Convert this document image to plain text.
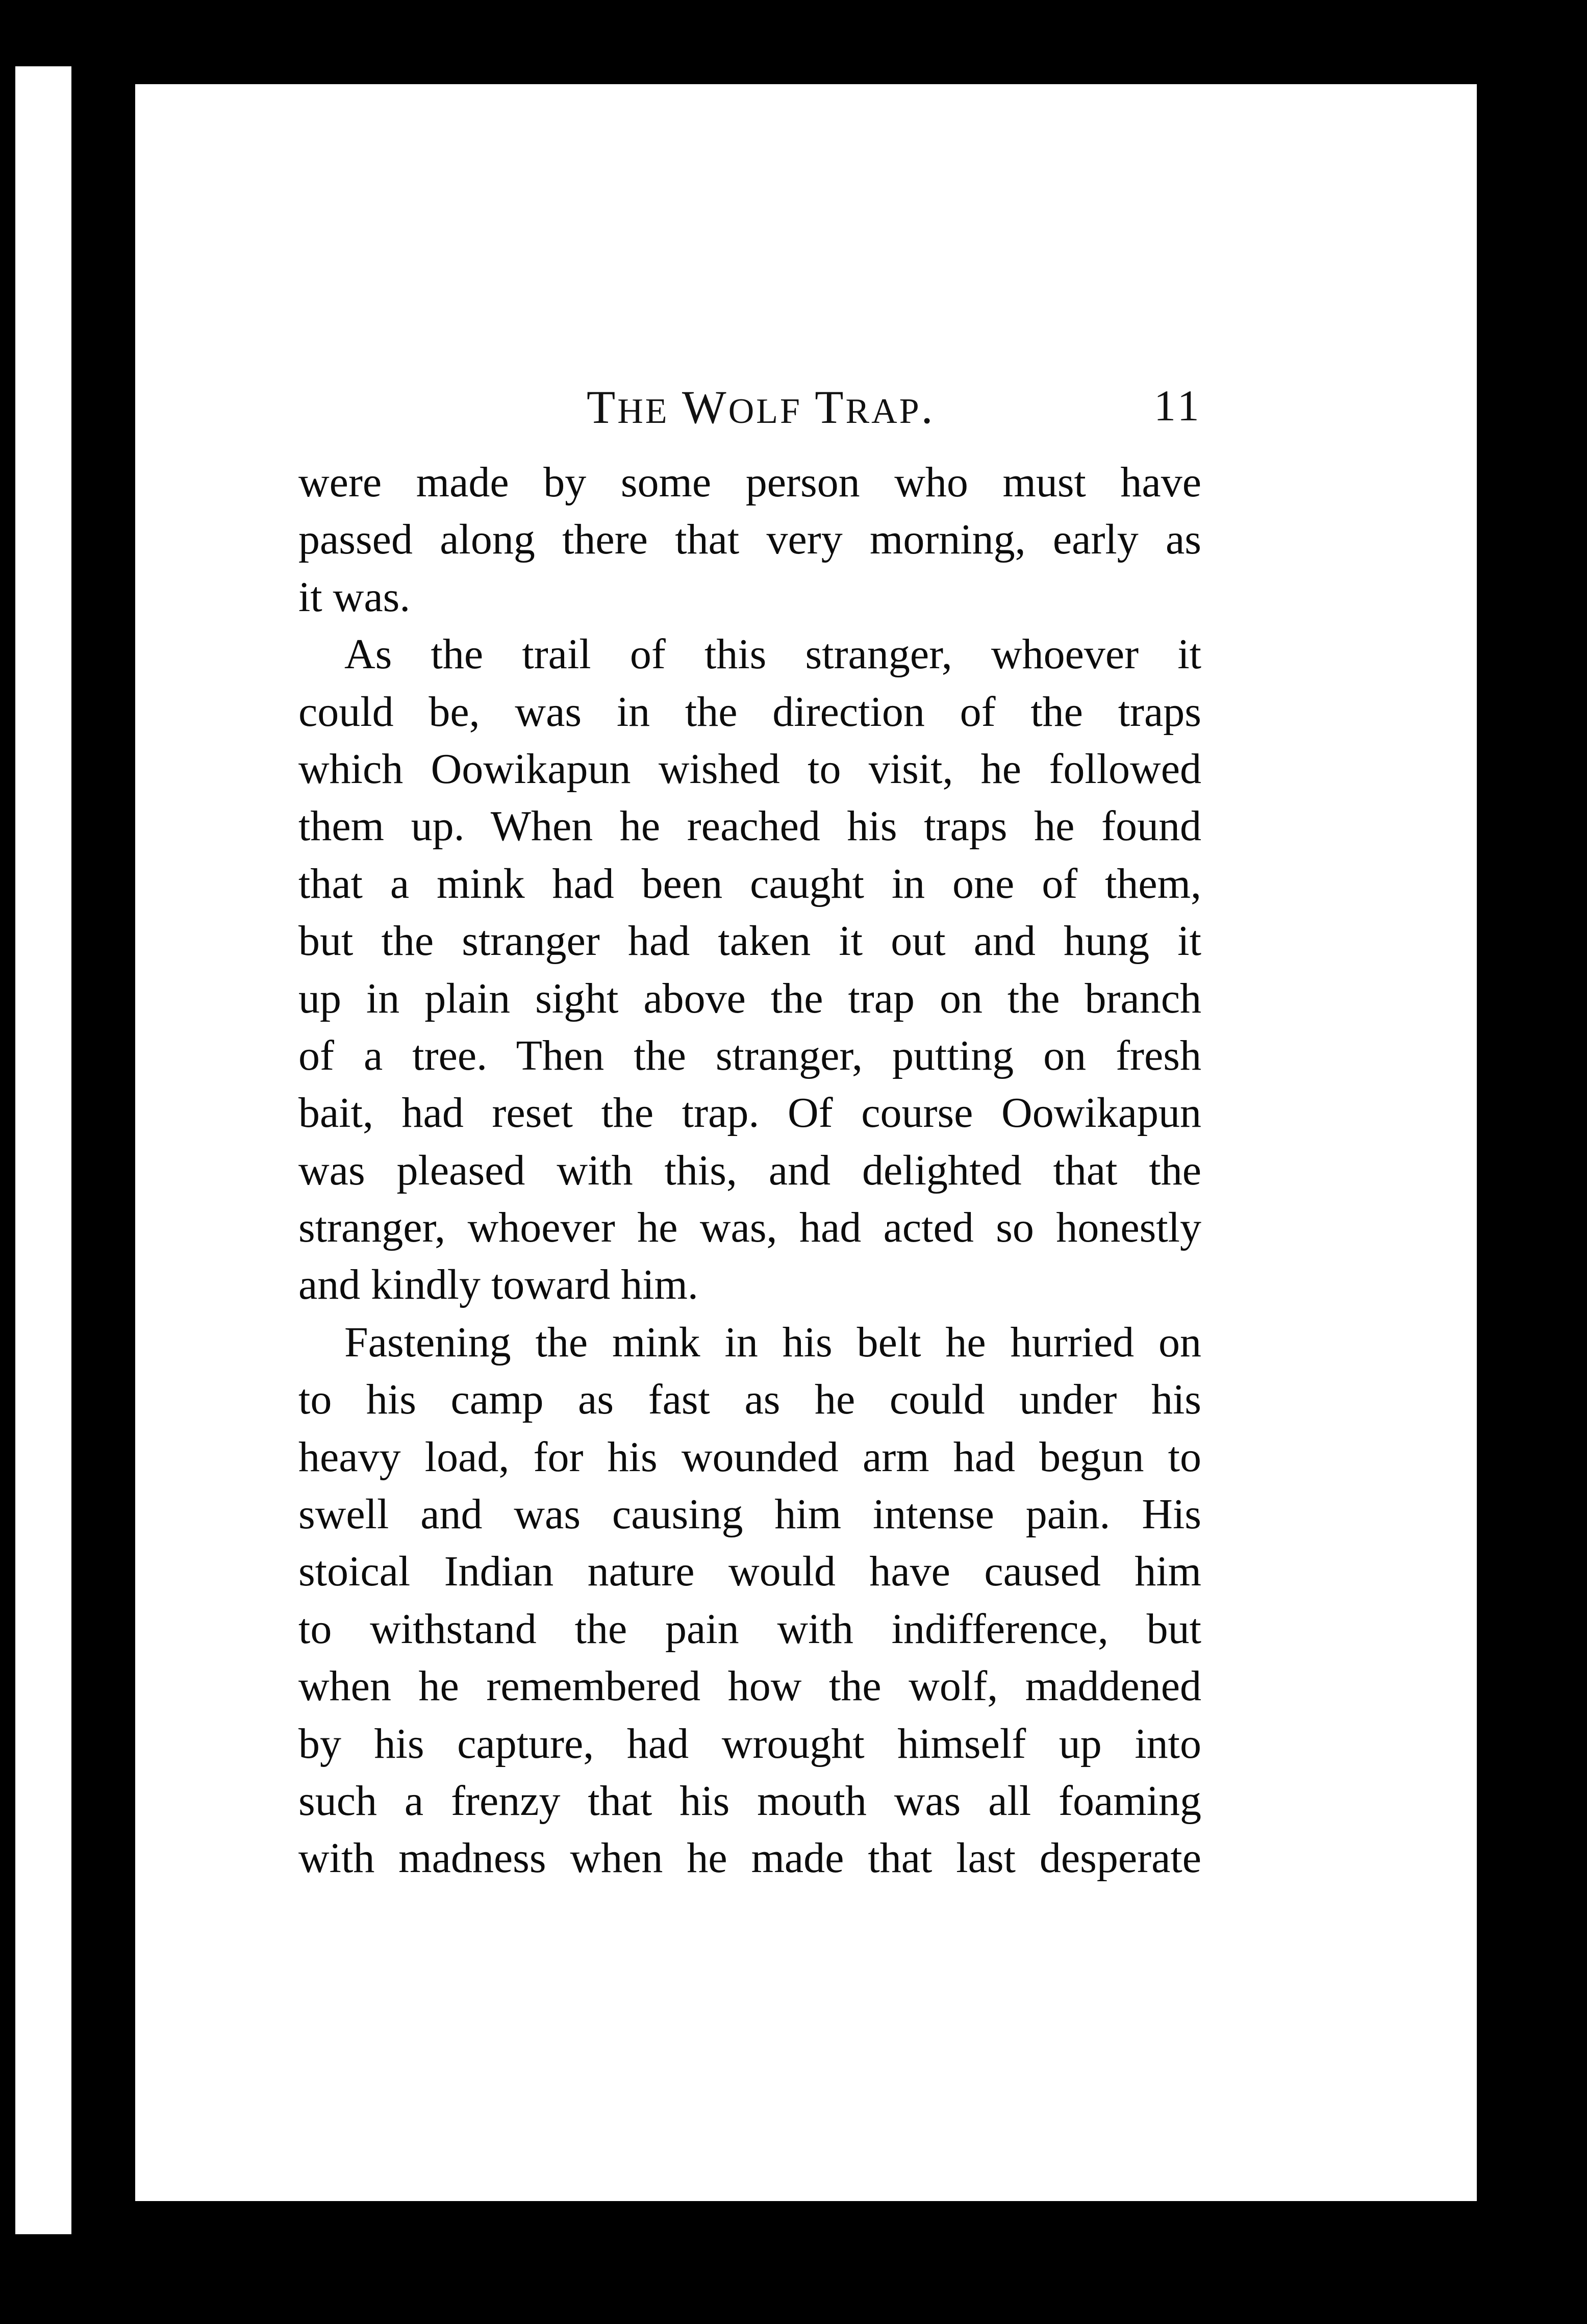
THE WOLF TRAP.	11
were made by some person who must have
passed along there that very morning, early as
it was.
As the trail of this stranger, whoever it
could be, was in the direction of the traps
which Oowikapun wished to visit, he followed
them up. When he reached his traps he found
that a mink had been caught in one of them,
but the stranger had taken it out and hung it
up in plain sight above the trap on the branch
of a tree. Then the stranger, putting on fresh
bait, had reset the trap. Of course Oowikapun
was pleased with this, and delighted that the
stranger, whoever he was, had acted so honestly
and kindly toward him.
Fastening the mink in his belt he hurried on
to his camp as fast as he could under his
heavy load, for his wounded arm had begun to
swell and was causing him intense pain. His
stoical Indian nature would have caused him
to withstand the pain with indifference, but
when he remembered how the wolf, maddened
by his capture, had wrought himself up into
such a frenzy that his mouth was all foaming
with madness when he made that last desperate
